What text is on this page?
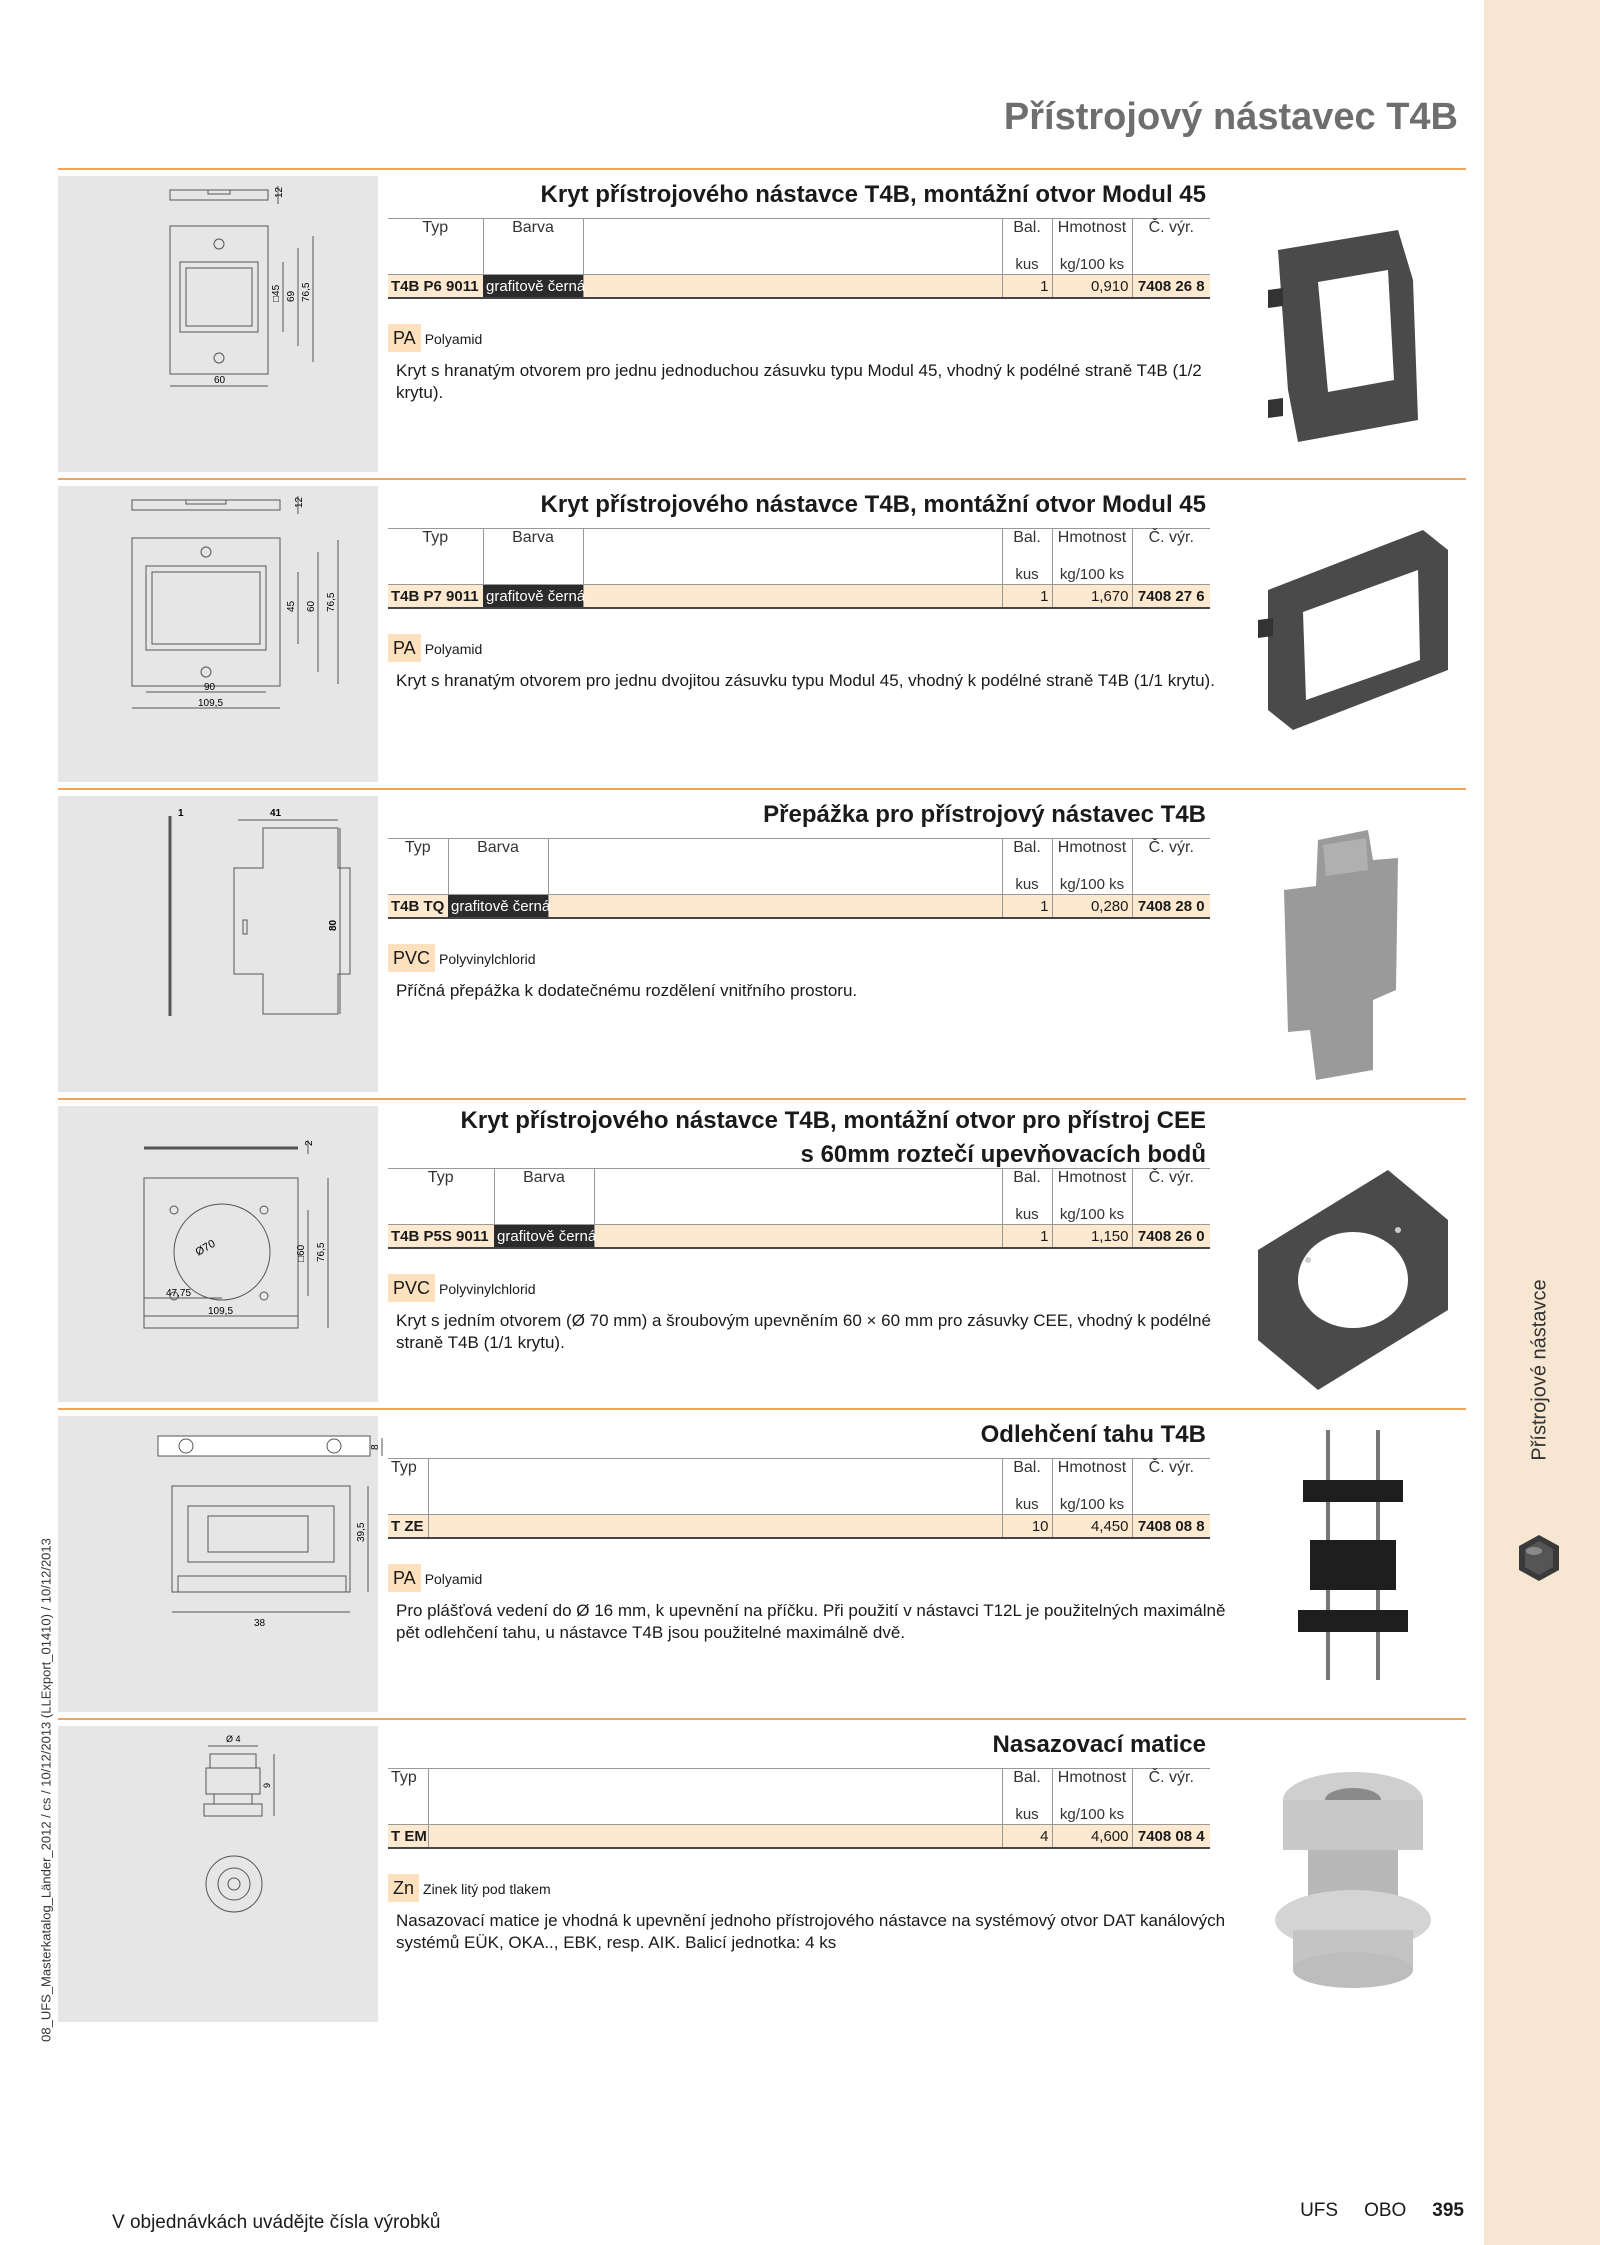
Přístrojové nástavce
08_UFS_Masterkatalog_Länder_2012 / cs / 10/12/2013 (LLExport_01410) / 10/12/2013
Přístrojový nástavec T4B
12
60
□45 69 76,5
Kryt přístrojového nástavce T4B, montážní otvor Modul 45
Typ	Barva		Bal.	Hmotnost	Č. výr.
			kus	kg/100 ks	
T4B P6 9011	grafitově černá		1	0,910	7408 26 8
PA Polyamid
Kryt s hranatým otvorem pro jednu jednoduchou zásuvku typu Modul 45, vhodný k podélné straně T4B (1/2 krytu).
12
90
109,5
45 60 76,5
Kryt přístrojového nástavce T4B, montážní otvor Modul 45
Typ	Barva		Bal.	Hmotnost	Č. výr.
			kus	kg/100 ks	
T4B P7 9011	grafitově černá		1	1,670	7408 27 6
PA Polyamid
Kryt s hranatým otvorem pro jednu dvojitou zásuvku typu Modul 45, vhodný k podélné straně T4B (1/1 krytu).
1	41
80
Přepážka pro přístrojový nástavec T4B
Typ	Barva		Bal.	Hmotnost	Č. výr.
			kus	kg/100 ks	
T4B TQ	grafitově černá		1	0,280	7408 28 0
PVC Polyvinylchlorid
Příčná přepážka k dodatečnému rozdělení vnitřního prostoru.
2
Ø70	□60 76,5
47,75
109,5
Kryt přístrojového nástavce T4B, montážní otvor pro přístroj CEE
s 60mm roztečí upevňovacích bodů
Typ	Barva		Bal.	Hmotnost	Č. výr.
			kus	kg/100 ks	
T4B P5S 9011	grafitově černá		1	1,150	7408 26 0
PVC Polyvinylchlorid
Kryt s jedním otvorem (Ø 70 mm) a šroubovým upevněním 60 × 60 mm pro zásuvky CEE, vhodný k podélné straně T4B (1/1 krytu).
8
39,5
38
Odlehčení tahu T4B
Typ		Bal.	Hmotnost	Č. výr.
		kus	kg/100 ks	
T ZE		10	4,450	7408 08 8
PA Polyamid
Pro plášťová vedení do Ø 16 mm, k upevnění na příčku. Při použití v nástavci T12L je použitelných maximálně pět odlehčení tahu, u nástavce T4B jsou použitelné maximálně dvě.
Ø 4
9
Nasazovací matice
Typ		Bal.	Hmotnost	Č. výr.
		kus	kg/100 ks	
T EM		4	4,600	7408 08 4
Zn Zinek litý pod tlakem
Nasazovací matice je vhodná k upevnění jednoho přístrojového nástavce na systémový otvor DAT kanálových systémů EÜK, OKA.., EBK, resp. AIK. Balicí jednotka: 4 ks
V objednávkách uvádějte čísla výrobků
UFS OBO 395
